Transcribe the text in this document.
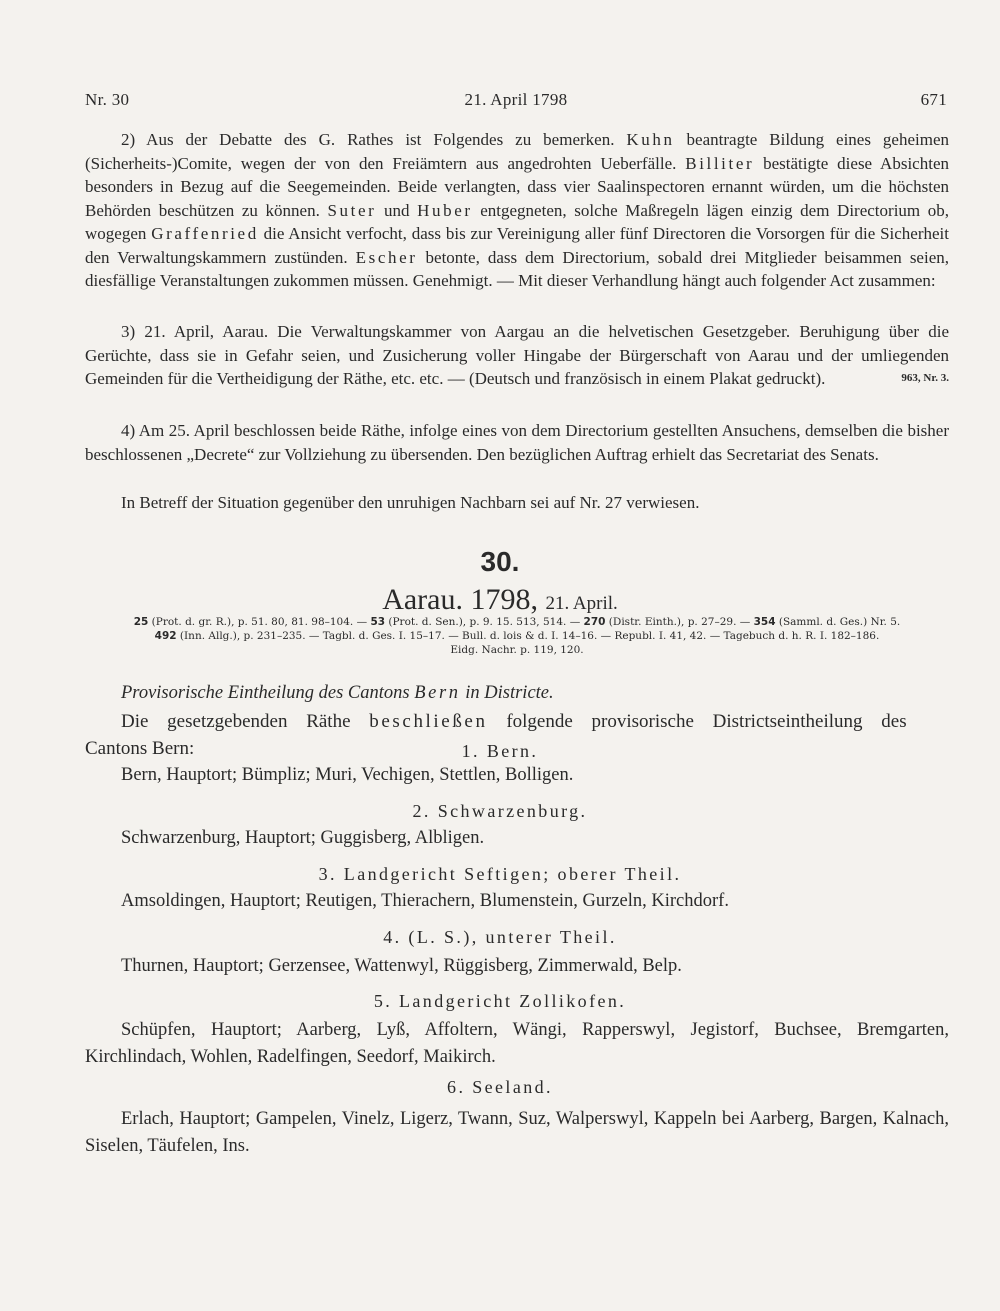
Nr. 30	21. April 1798	671

2) Aus der Debatte des G. Rathes ist Folgendes zu bemerken. Kuhn beantragte Bildung eines geheimen (Sicherheits-)Comite, wegen der von den Freiämtern aus angedrohten Ueberfälle. Billiter bestätigte diese Absichten besonders in Bezug auf die Seegemeinden. Beide verlangten, dass vier Saalinspectoren ernannt würden, um die höchsten Behörden beschützen zu können. Suter und Huber entgegneten, solche Maßregeln lägen einzig dem Directorium ob, wogegen Graffenried die Ansicht verfocht, dass bis zur Vereinigung aller fünf Directoren die Vorsorgen für die Sicherheit den Verwaltungskammern zustünden. Escher betonte, dass dem Directorium, sobald drei Mitglieder beisammen seien, diesfällige Veranstaltungen zukommen müssen. Genehmigt. — Mit dieser Verhandlung hängt auch folgender Act zusammen:

3) 21. April, Aarau. Die Verwaltungskammer von Aargau an die helvetischen Gesetzgeber. Beruhigung über die Gerüchte, dass sie in Gefahr seien, und Zusicherung voller Hingabe der Bürgerschaft von Aarau und der umliegenden Gemeinden für die Vertheidigung der Räthe, etc. etc. — (Deutsch und französisch in einem Plakat gedruckt).	963, Nr. 3.

4) Am 25. April beschlossen beide Räthe, infolge eines von dem Directorium gestellten Ansuchens, demselben die bisher beschlossenen „Decrete“ zur Vollziehung zu übersenden. Den bezüglichen Auftrag erhielt das Secretariat des Senats.

In Betreff der Situation gegenüber den unruhigen Nachbarn sei auf Nr. 27 verwiesen.

30.
Aarau. 1798, 21. April.
25 (Prot. d. gr. R.), p. 51. 80, 81. 98–104. — 53 (Prot. d. Sen.), p. 9. 15. 513, 514. — 270 (Distr. Einth.), p. 27–29. — 354 (Samml. d. Ges.) Nr. 5.
492 (Inn. Allg.), p. 231–235. — Tagbl. d. Ges. I. 15–17. — Bull. d. lois & d. I. 14–16. — Republ. I. 41, 42. — Tagebuch d. h. R. I. 182–186.
Eidg. Nachr. p. 119, 120.
Provisorische Eintheilung des Cantons Bern in Districte.
Die gesetzgebenden Räthe beschließen folgende provisorische Districtseintheilung des
Cantons Bern:	1. Bern.
Bern, Hauptort; Bümpliz; Muri, Vechigen, Stettlen, Bolligen.
2. Schwarzenburg.
Schwarzenburg, Hauptort; Guggisberg, Albligen.
3. Landgericht Seftigen; oberer Theil.
Amsoldingen, Hauptort; Reutigen, Thierachern, Blumenstein, Gurzeln, Kirchdorf.
4. (L. S.), unterer Theil.
Thurnen, Hauptort; Gerzensee, Wattenwyl, Rüggisberg, Zimmerwald, Belp.
5. Landgericht Zollikofen.
Schüpfen, Hauptort; Aarberg, Lyß, Affoltern, Wängi, Rapperswyl, Jegistorf, Buchsee, Bremgarten, Kirchlindach, Wohlen, Radelfingen, Seedorf, Maikirch.
6. Seeland.
Erlach, Hauptort; Gampelen, Vinelz, Ligerz, Twann, Suz, Walperswyl, Kappeln bei Aarberg, Bargen, Kalnach, Siselen, Täufelen, Ins.
